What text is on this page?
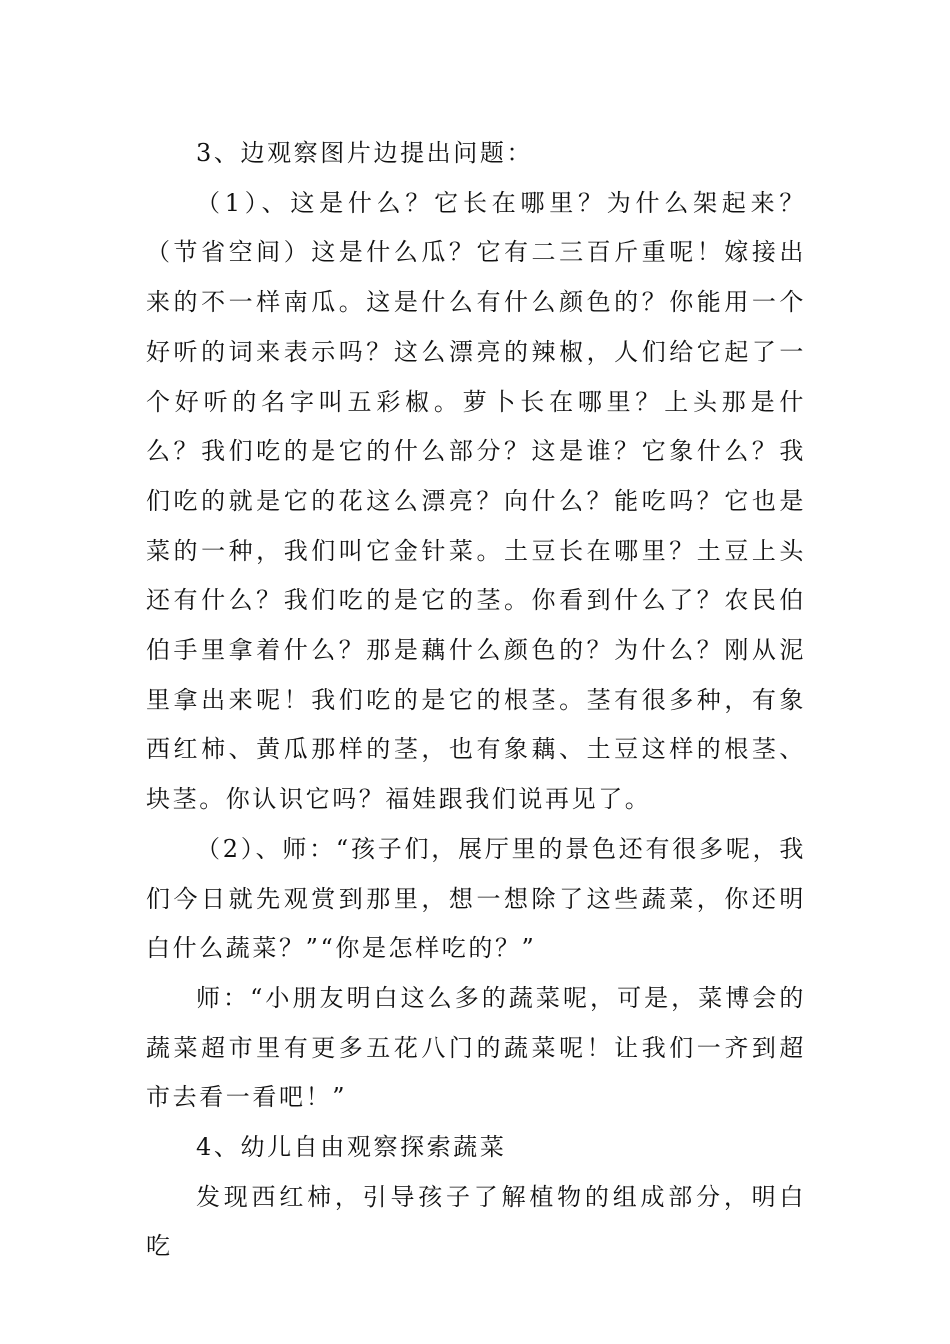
3、边观察图片边提出问题：

（1）、这是什么？它长在哪里？为什么架起来？（节省空间）这是什么瓜？它有二三百斤重呢！嫁接出来的不一样南瓜。这是什么有什么颜色的？你能用一个好听的词来表示吗？这么漂亮的辣椒，人们给它起了一个好听的名字叫五彩椒。萝卜长在哪里？上头那是什么？我们吃的是它的什么部分？这是谁？它象什么？我们吃的就是它的花这么漂亮？向什么？能吃吗？它也是菜的一种，我们叫它金针菜。土豆长在哪里？土豆上头还有什么？我们吃的是它的茎。你看到什么了？农民伯伯手里拿着什么？那是藕什么颜色的？为什么？刚从泥里拿出来呢！我们吃的是它的根茎。茎有很多种，有象西红柿、黄瓜那样的茎，也有象藕、土豆这样的根茎、块茎。你认识它吗？福娃跟我们说再见了。

（2）、师：“孩子们，展厅里的景色还有很多呢，我们今日就先观赏到那里，想一想除了这些蔬菜，你还明白什么蔬菜？”“你是怎样吃的？”

师：“小朋友明白这么多的蔬菜呢，可是，菜博会的蔬菜超市里有更多五花八门的蔬菜呢！让我们一齐到超市去看一看吧！”

4、幼儿自由观察探索蔬菜

发现西红柿，引导孩子了解植物的组成部分，明白吃
